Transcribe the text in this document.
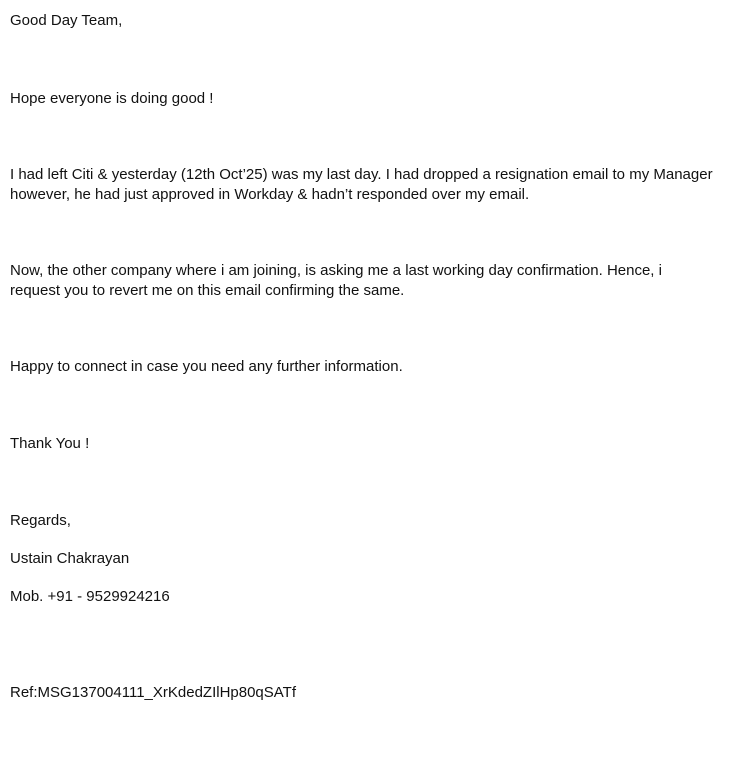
Good Day Team,
Hope everyone is doing good !
I had left Citi & yesterday (12th Oct’25) was my last day. I had dropped a resignation email to my Manager
however, he had just approved in Workday & hadn’t responded over my email.
Now, the other company where i am joining, is asking me a last working day confirmation. Hence, i
request you to revert me on this email confirming the same.
Happy to connect in case you need any further information.
Thank You !
Regards,
Ustain Chakrayan
Mob. +91 - 9529924216
Ref:MSG137004111_XrKdedZIlHp80qSATf
